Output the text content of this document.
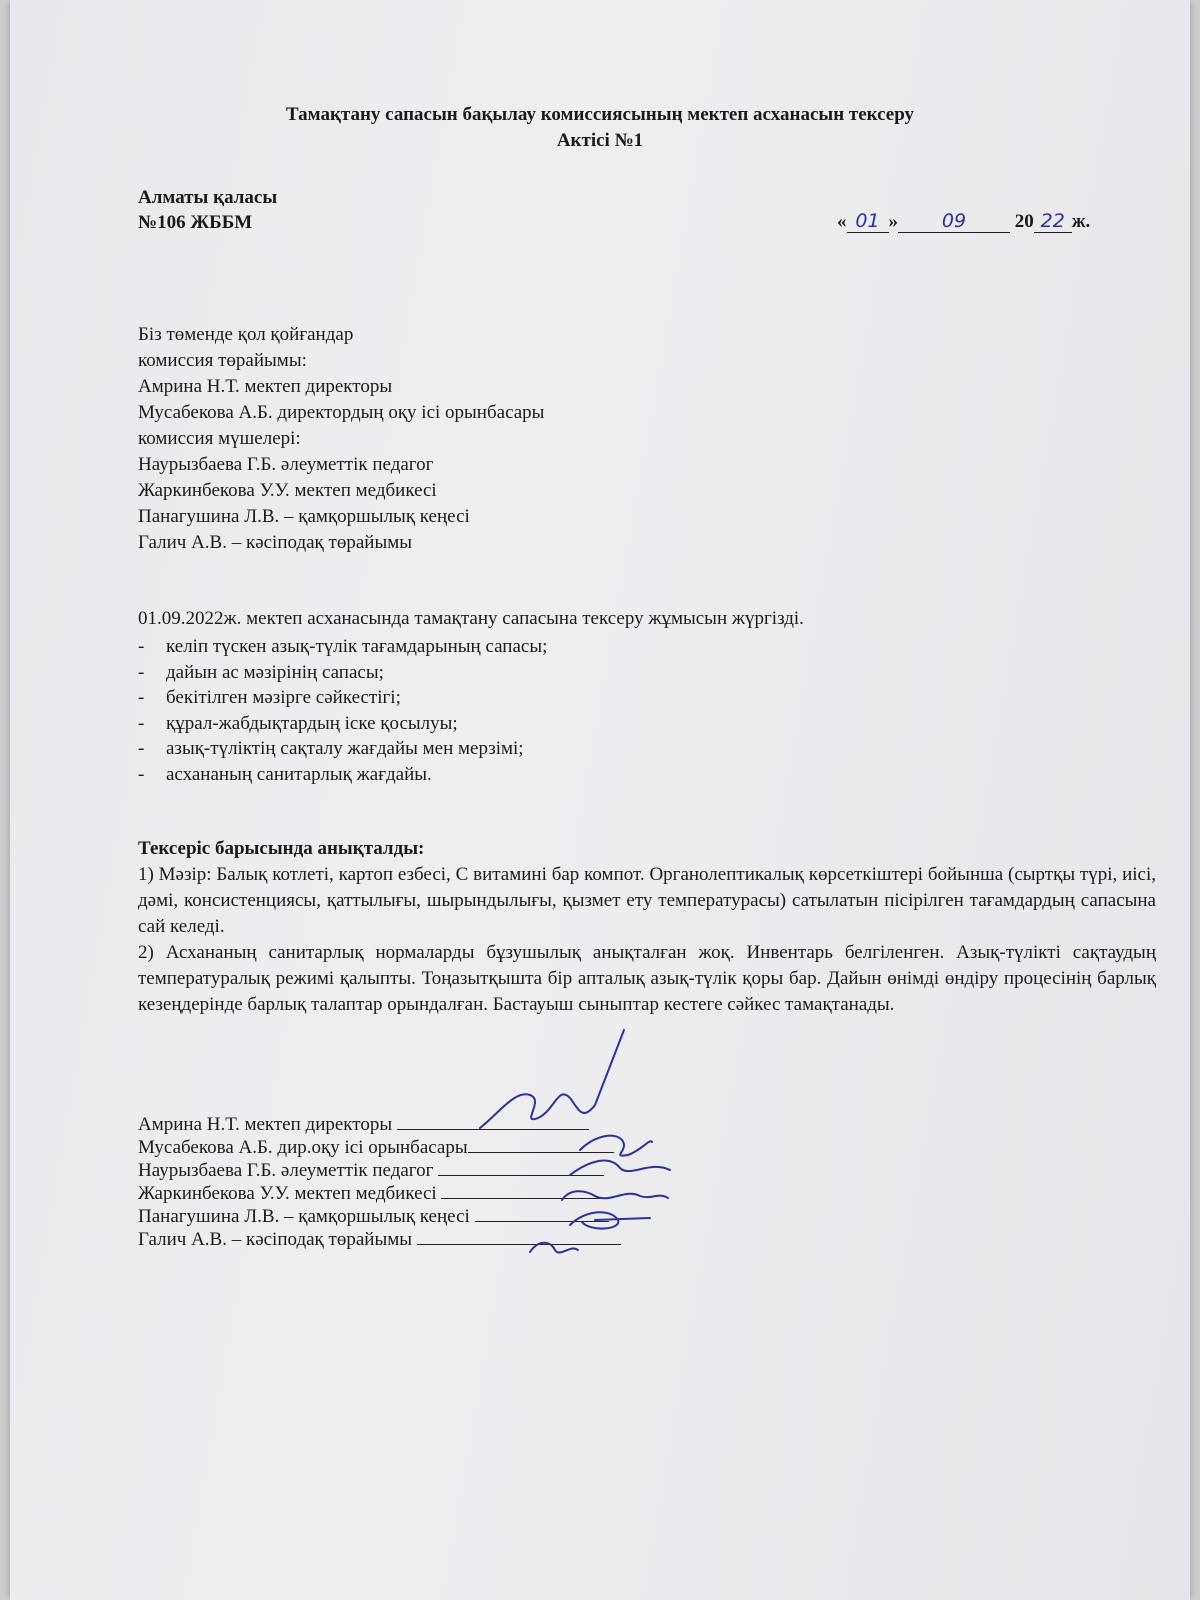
Тамақтану сапасын бақылау комиссиясының мектеп асханасын тексеру
Актісі №1
Алматы қаласы
№106 ЖББМ	« 01 » 09	20 22 ж.
Біз төменде қол қойғандар
комиссия төрайымы:
Амрина Н.Т. мектеп директоры
Мусабекова А.Б. директордың оқу ісі орынбасары
комиссия мүшелері:
Наурызбаева Г.Б. әлеуметтік педагог
Жаркинбекова У.У. мектеп медбикесі
Панагушина Л.В. – қамқоршылық кеңесі
Галич А.В. – кәсіподақ төрайымы
01.09.2022ж. мектеп асханасында тамақтану сапасына тексеру жұмысын жүргізді.
-	келіп түскен азық-түлік тағамдарының сапасы;
-	дайын ас мәзірінің сапасы;
-	бекітілген мәзірге сәйкестігі;
-	құрал-жабдықтардың іске қосылуы;
-	азық-түліктің сақталу жағдайы мен мерзімі;
-	асхананың санитарлық жағдайы.

Тексеріс барысында анықталды:

1) Мәзір: Балық котлеті, картоп езбесі, С витамині бар компот. Органолептикалық көрсеткіштері бойынша (сыртқы түрі, иісі, дәмі, консистенциясы, қаттылығы, шырындылығы, қызмет ету температурасы) сатылатын пісірілген тағамдардың сапасына сай келеді.

2) Асхананың санитарлық нормаларды бұзушылық анықталған жоқ. Инвентарь белгіленген. Азық-түлікті сақтаудың температуралық режимі қалыпты. Тоңазытқышта бір апталық азық-түлік қоры бар. Дайын өнімді өндіру процесінің барлық кезеңдерінде барлық талаптар орындалған. Бастауыш сыныптар кестеге сәйкес тамақтанады.

Амрина Н.Т. мектеп директоры
Мусабекова А.Б. дир.оқу ісі орынбасары
Наурызбаева Г.Б. әлеуметтік педагог
Жаркинбекова У.У. мектеп медбикесі
Панагушина Л.В. – қамқоршылық кеңесі
Галич А.В. – кәсіподақ төрайымы
